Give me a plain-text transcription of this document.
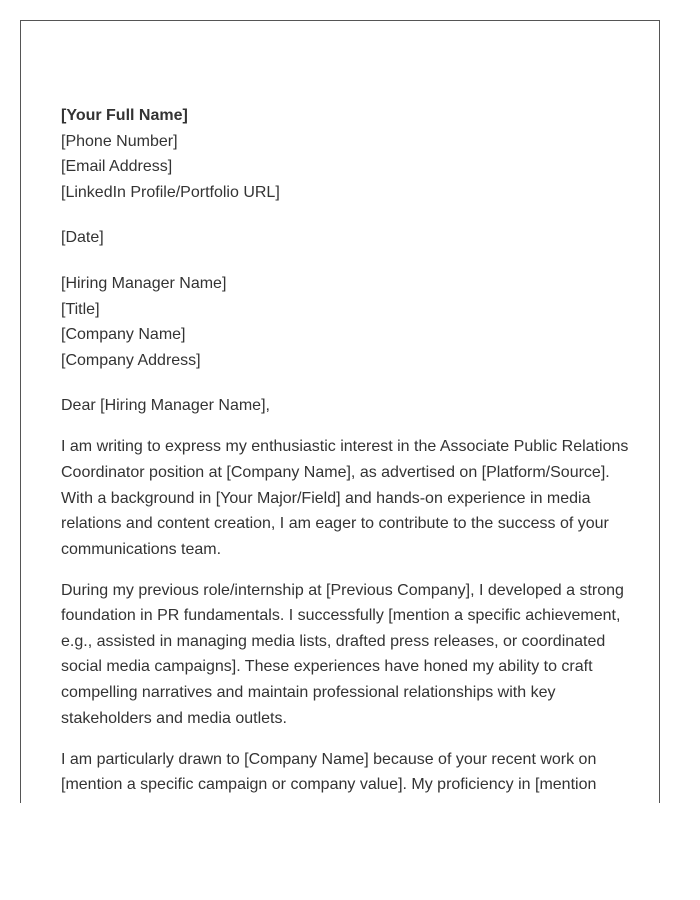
[Your Full Name]
[Phone Number]
[Email Address]
[LinkedIn Profile/Portfolio URL]
[Date]
[Hiring Manager Name]
[Title]
[Company Name]
[Company Address]
Dear [Hiring Manager Name],

I am writing to express my enthusiastic interest in the Associate Public Relations Coordinator position at [Company Name], as advertised on [Platform/Source]. With a background in [Your Major/Field] and hands-on experience in media relations and content creation, I am eager to contribute to the success of your communications team.

During my previous role/internship at [Previous Company], I developed a strong foundation in PR fundamentals. I successfully [mention a specific achievement, e.g., assisted in managing media lists, drafted press releases, or coordinated social media campaigns]. These experiences have honed my ability to craft compelling narratives and maintain professional relationships with key stakeholders and media outlets.

I am particularly drawn to [Company Name] because of your recent work on [mention a specific campaign or company value]. My proficiency in [mention
